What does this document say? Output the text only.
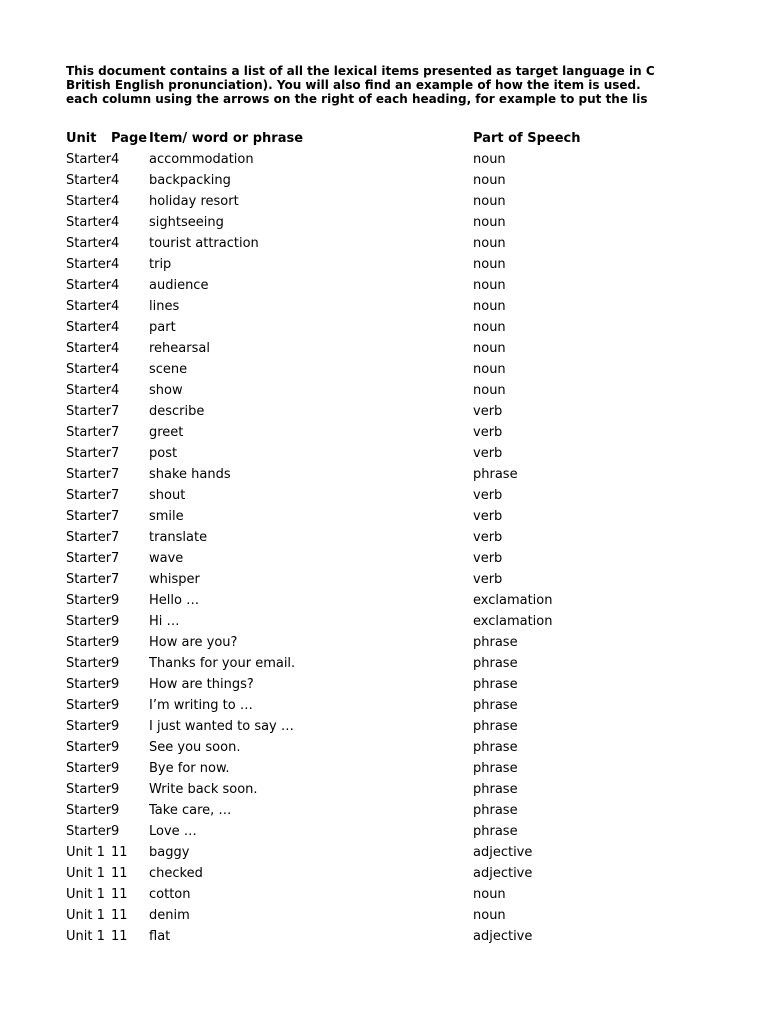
This document contains a list of all the lexical items presented as target language in C
British English pronunciation). You will also find an example of how the item is used.
each column using the arrows on the right of each heading, for example to put the lis
Unit Page Item/ word or phrase	Part of Speech
Starter 4 accommodation	noun
Starter 4 backpacking	noun
Starter 4 holiday resort	noun
Starter 4 sightseeing	noun
Starter 4 tourist attraction	noun
Starter 4 trip	noun
Starter 4 audience	noun
Starter 4 lines	noun
Starter 4 part	noun
Starter 4 rehearsal	noun
Starter 4 scene	noun
Starter 4 show	noun
Starter 7 describe	verb
Starter 7 greet	verb
Starter 7 post	verb
Starter 7 shake hands	phrase
Starter 7 shout	verb
Starter 7 smile	verb
Starter 7 translate	verb
Starter 7 wave	verb
Starter 7 whisper	verb
Starter 9 Hello …	exclamation
Starter 9 Hi …	exclamation
Starter 9 How are you?	phrase
Starter 9 Thanks for your email.	phrase
Starter 9 How are things?	phrase
Starter 9 I’m writing to …	phrase
Starter 9 I just wanted to say …	phrase
Starter 9 See you soon.	phrase
Starter 9 Bye for now.	phrase
Starter 9 Write back soon.	phrase
Starter 9 Take care, …	phrase
Starter 9 Love …	phrase
Unit 1 11 baggy	adjective
Unit 1 11 checked	adjective
Unit 1 11 cotton	noun
Unit 1 11 denim	noun
Unit 1 11 flat	adjective
